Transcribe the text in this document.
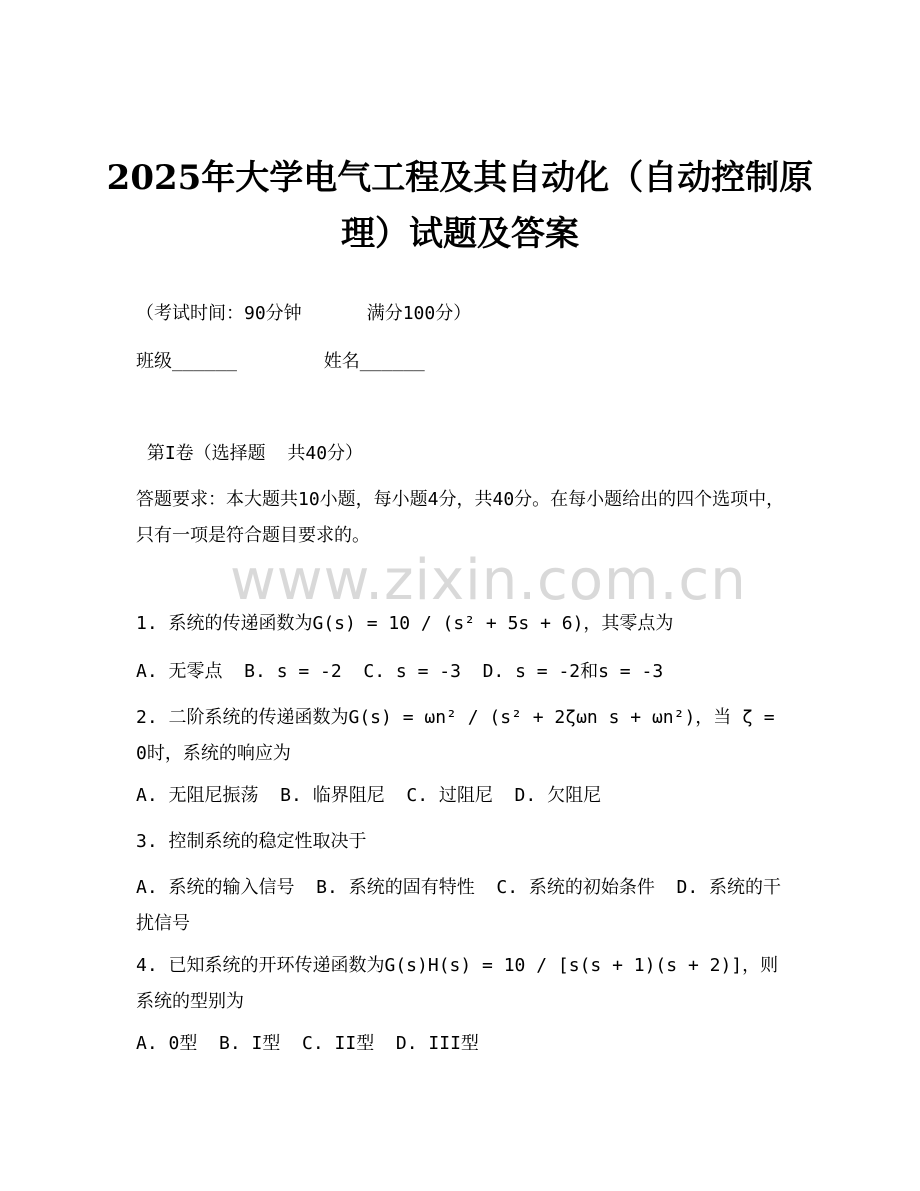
2025年大学电气工程及其自动化（自动控制原理）试题及答案
（考试时间：90分钟      满分100分）
班级______        姓名______
第I卷（选择题  共40分）
答题要求：本大题共10小题，每小题4分，共40分。在每小题给出的四个选项中，只有一项是符合题目要求的。
www.zixin.com.cn
1. 系统的传递函数为G(s) = 10 / (s² + 5s + 6)，其零点为
A. 无零点  B. s = -2  C. s = -3  D. s = -2和s = -3
2. 二阶系统的传递函数为G(s) = ωn² / (s² + 2ζωn s + ωn²)，当 ζ = 0时，系统的响应为
A. 无阻尼振荡  B. 临界阻尼  C. 过阻尼  D. 欠阻尼
3. 控制系统的稳定性取决于
A. 系统的输入信号  B. 系统的固有特性  C. 系统的初始条件  D. 系统的干扰信号
4. 已知系统的开环传递函数为G(s)H(s) = 10 / [s(s + 1)(s + 2)]，则系统的型别为
A. 0型  B. I型  C. II型  D. III型
